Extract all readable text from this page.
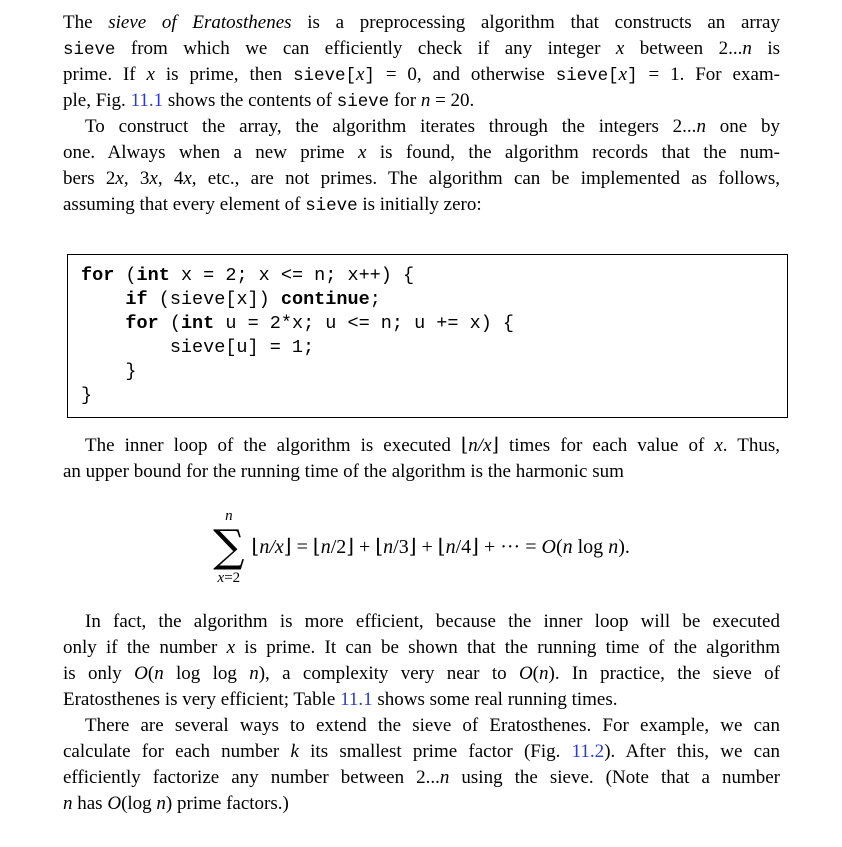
The sieve of Eratosthenes is a preprocessing algorithm that constructs an array
sieve from which we can efficiently check if any integer x between 2...n is
prime. If x is prime, then sieve[x] = 0, and otherwise sieve[x] = 1. For exam-
ple, Fig. 11.1 shows the contents of sieve for n = 20.
To construct the array, the algorithm iterates through the integers 2...n one by
one. Always when a new prime x is found, the algorithm records that the num-
bers 2x, 3x, 4x, etc., are not primes. The algorithm can be implemented as follows,
assuming that every element of sieve is initially zero:
for (int x = 2; x <= n; x++) {
if (sieve[x]) continue;
for (int u = 2*x; u <= n; u += x) {
sieve[u] = 1;
}
}
The inner loop of the algorithm is executed ⌊n/x⌋ times for each value of x. Thus,
an upper bound for the running time of the algorithm is the harmonic sum
n
∑
x=2
⌊n/x⌋ = ⌊n/2⌋ + ⌊n/3⌋ + ⌊n/4⌋ + ··· = O(n log n).
In fact, the algorithm is more efficient, because the inner loop will be executed
only if the number x is prime. It can be shown that the running time of the algorithm
is only O(n log log n), a complexity very near to O(n). In practice, the sieve of
Eratosthenes is very efficient; Table 11.1 shows some real running times.
There are several ways to extend the sieve of Eratosthenes. For example, we can
calculate for each number k its smallest prime factor (Fig. 11.2). After this, we can
efficiently factorize any number between 2...n using the sieve. (Note that a number
n has O(log n) prime factors.)
